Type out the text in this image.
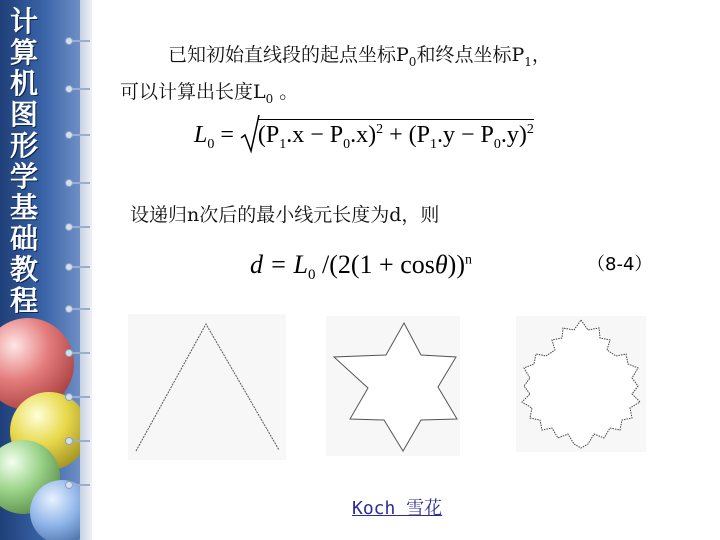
计
算
机
图
形
学
基
础
教
程
已知初始直线段的起点坐标$P_0$和终点坐标$P_1$，
可以计算出长度$L_0$ 。
$L_0 = (P_1.x - P_0.x)^2 + (P_1.y - P_0.y)^2$
设递归n次后的最小线元长度为d，则
$d = L_0$ $/(2(1 + \cos\theta))^n$	（8-4）
Koch 雪花
